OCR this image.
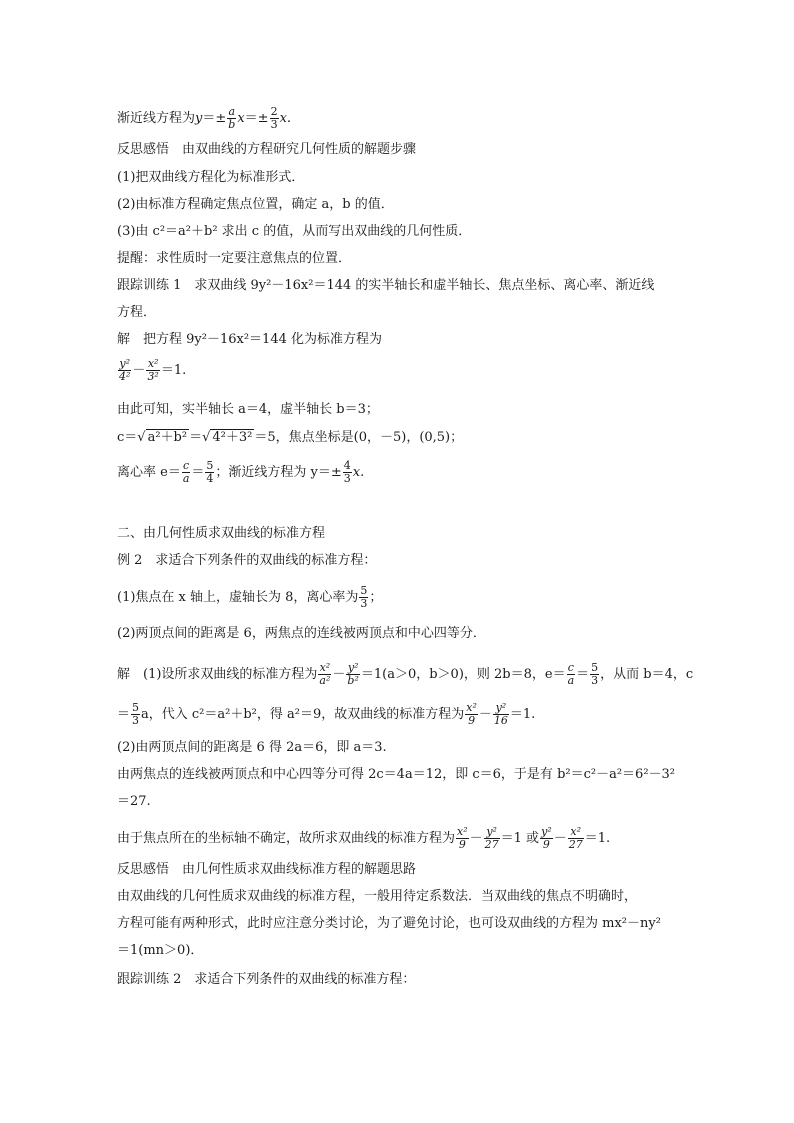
渐近线方程为$y=\pm \frac{a}{b} x=\pm \frac{2}{3} x$.
反思感悟　由双曲线的方程研究几何性质的解题步骤
(1)把双曲线方程化为标准形式．
(2)由标准方程确定焦点位置，确定 a，b 的值．
(3)由 c²＝a²＋b² 求出 c 的值，从而写出双曲线的几何性质．
提醒：求性质时一定要注意焦点的位置．
跟踪训练 1　求双曲线 9y²－16x²＝144 的实半轴长和虚半轴长、焦点坐标、离心率、渐近线
方程．
解　把方程 9y²－16x²＝144 化为标准方程为
$\frac{\text{y²}}{\text{4²}} - \frac{\text{x²}}{\text{3²}} =1$.
由此可知，实半轴长 a＝4，虚半轴长 b＝3；
c＝√ a²＋b² ＝√ 4²＋3² ＝5，焦点坐标是(0，－5)，(0,5)；
离心率 $e= \frac{c}{a} = \frac{5}{4}$ ；渐近线方程为 $y=\pm \frac{4}{3} x$.
二、由几何性质求双曲线的标准方程
例 2　求适合下列条件的双曲线的标准方程：
(1)焦点在 x 轴上，虚轴长为 8，离心率为 $\frac{5}{3}$ ；
(2)两顶点间的距离是 6，两焦点的连线被两顶点和中心四等分．
解　(1)设所求双曲线的标准方程为 $\frac{\text{x²}}{\text{a²}} - \frac{\text{y²}}{\text{b²}} =1(a>0$，b＞0)，则 2b＝8，$e= \frac{c}{a} = \frac{5}{3}$ ，从而 b＝4，c
＝ $\frac{5}{3}$ a，代入 c²＝a²＋b²，得 a²＝9，故双曲线的标准方程为 $\frac{\text{x²}}{9} - \frac{\text{y²}}{16} =1$.
(2)由两顶点间的距离是 6 得 2a＝6，即 a＝3.
由两焦点的连线被两顶点和中心四等分可得 2c＝4a＝12，即 c＝6，于是有 b²＝c²－a²＝6²－3²
＝27.
由于焦点所在的坐标轴不确定，故所求双曲线的标准方程为 $\frac{\text{x²}}{9} - \frac{\text{y²}}{27} =1$ 或 $\frac{\text{y²}}{9} - \frac{\text{x²}}{27} =1$.
反思感悟　由几何性质求双曲线标准方程的解题思路
由双曲线的几何性质求双曲线的标准方程，一般用待定系数法．当双曲线的焦点不明确时，
方程可能有两种形式，此时应注意分类讨论，为了避免讨论，也可设双曲线的方程为 mx²－ny²
＝1(mn＞0)．
跟踪训练 2　求适合下列条件的双曲线的标准方程：
